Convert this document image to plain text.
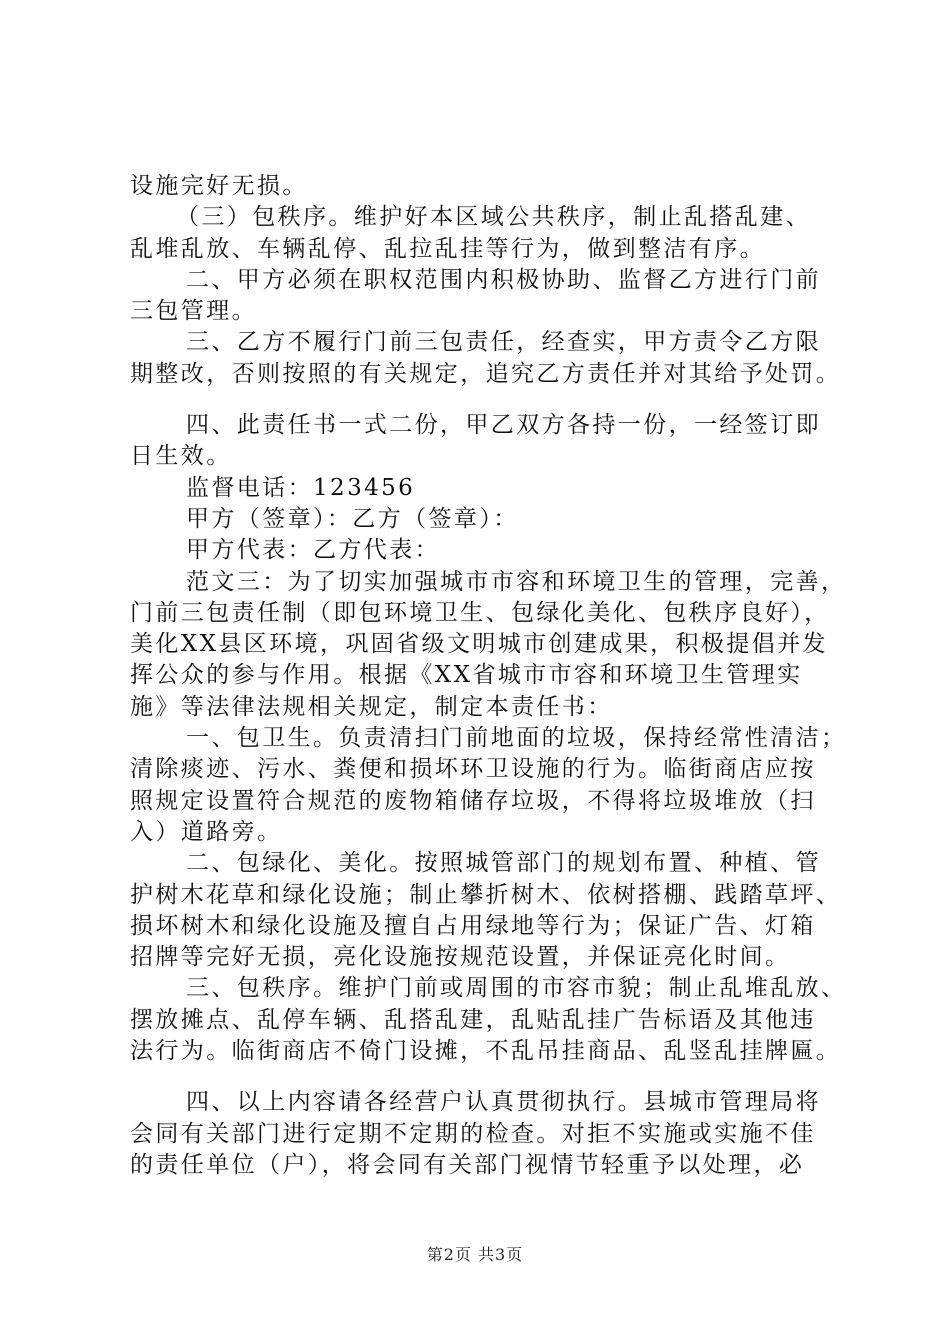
设施完好无损。
（三）包秩序。维护好本区域公共秩序，制止乱搭乱建、
乱堆乱放、车辆乱停、乱拉乱挂等行为，做到整洁有序。
二、甲方必须在职权范围内积极协助、监督乙方进行门前
三包管理。
三、乙方不履行门前三包责任，经查实，甲方责令乙方限
期整改，否则按照的有关规定，追究乙方责任并对其给予处罚。
四、此责任书一式二份，甲乙双方各持一份，一经签订即
日生效。
监督电话：123456
甲方（签章）：乙方（签章）：
甲方代表：乙方代表：
范文三：为了切实加强城市市容和环境卫生的管理，完善，
门前三包责任制（即包环境卫生、包绿化美化、包秩序良好），
美化XX县区环境，巩固省级文明城市创建成果，积极提倡并发
挥公众的参与作用。根据《XX省城市市容和环境卫生管理实
施》等法律法规相关规定，制定本责任书：
一、包卫生。负责清扫门前地面的垃圾，保持经常性清洁；
清除痰迹、污水、粪便和损坏环卫设施的行为。临街商店应按
照规定设置符合规范的废物箱储存垃圾，不得将垃圾堆放（扫
入）道路旁。
二、包绿化、美化。按照城管部门的规划布置、种植、管
护树木花草和绿化设施；制止攀折树木、依树搭棚、践踏草坪、
损坏树木和绿化设施及擅自占用绿地等行为；保证广告、灯箱
招牌等完好无损，亮化设施按规范设置，并保证亮化时间。
三、包秩序。维护门前或周围的市容市貌；制止乱堆乱放、
摆放摊点、乱停车辆、乱搭乱建，乱贴乱挂广告标语及其他违
法行为。临街商店不倚门设摊，不乱吊挂商品、乱竖乱挂牌匾。
四、以上内容请各经营户认真贯彻执行。县城市管理局将
会同有关部门进行定期不定期的检查。对拒不实施或实施不佳
的责任单位（户），将会同有关部门视情节轻重予以处理，必
第2页 共3页
